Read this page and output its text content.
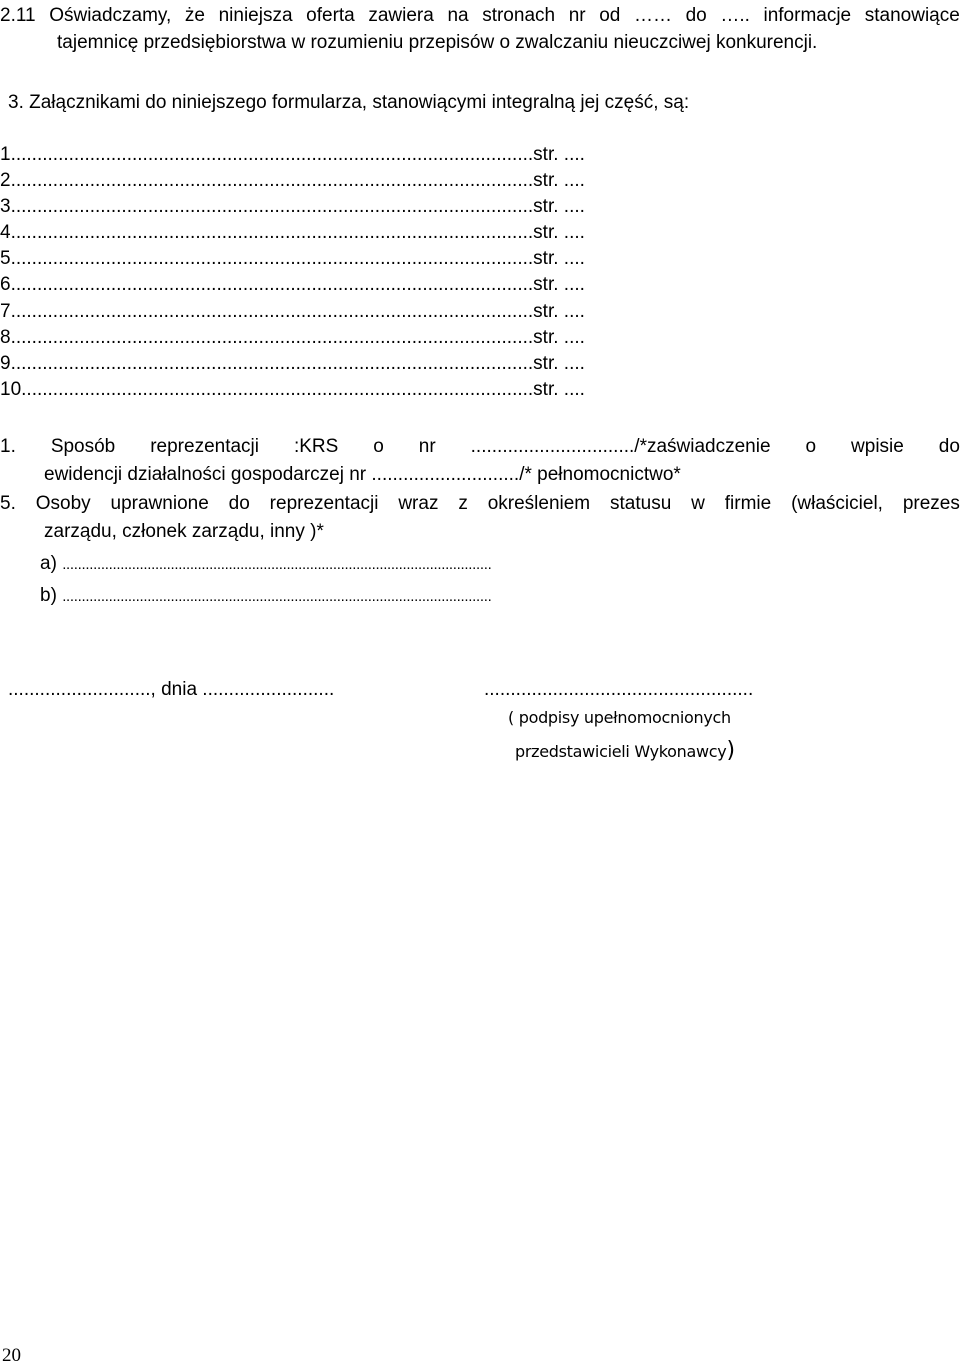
2.11 Oświadczamy, że niniejsza oferta zawiera na stronach nr od …… do ….. informacje stanowiące
tajemnicę przedsiębiorstwa w rozumieniu przepisów o zwalczaniu nieuczciwej konkurencji.
3. Załącznikami do niniejszego formularza, stanowiącymi integralną jej część, są:
1...................................................................................................str. ....
2...................................................................................................str. ....
3...................................................................................................str. ....
4...................................................................................................str. ....
5...................................................................................................str. ....
6...................................................................................................str. ....
7...................................................................................................str. ....
8...................................................................................................str. ....
9...................................................................................................str. ....
10.................................................................................................str. ....
1. Sposób reprezentacji :KRS o nr .............................../*zaświadczenie o wpisie do
ewidencji działalności gospodarczej nr ............................/* pełnomocnictwo*
5. Osoby uprawnione do reprezentacji wraz z określeniem statusu w firmie (właściciel, prezes
zarządu, członek zarządu, inny )*
a) ...............................................................................................................
b) ...............................................................................................................
..........................., dnia .........................	...................................................
( podpisy upełnomocnionych
przedstawicieli Wykonawcy)
20
